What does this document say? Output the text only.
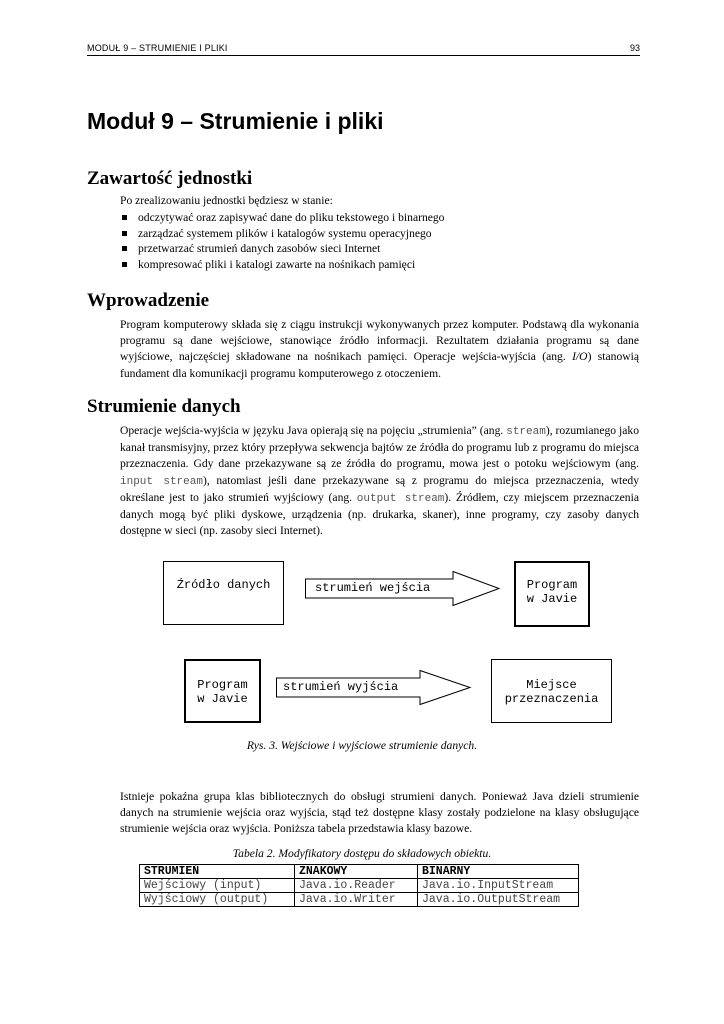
MODUŁ 9 – STRUMIENIE I PLIKI	93
Moduł 9 – Strumienie i pliki
Zawartość jednostki

Po zrealizowaniu jednostki będziesz w stanie:

odczytywać oraz zapisywać dane do pliku tekstowego i binarnego
zarządzać systemem plików i katalogów systemu operacyjnego
przetwarzać strumień danych zasobów sieci Internet
kompresować pliki i katalogi zawarte na nośnikach pamięci
Wprowadzenie

Program komputerowy składa się z ciągu instrukcji wykonywanych przez komputer. Podstawą dla wykonania programu są dane wejściowe, stanowiące źródło informacji. Rezultatem działania programu są dane wyjściowe, najczęściej składowane na nośnikach pamięci. Operacje wejścia-wyjścia (ang. I/O) stanowią fundament dla komunikacji programu komputerowego z otoczeniem.

Strumienie danych

Operacje wejścia-wyjścia w języku Java opierają się na pojęciu „strumienia” (ang. stream), rozumianego jako kanał transmisyjny, przez który przepływa sekwencja bajtów ze źródła do programu lub z programu do miejsca przeznaczenia. Gdy dane przekazywane są ze źródła do programu, mowa jest o potoku wejściowym (ang. input stream), natomiast jeśli dane przekazywane są z programu do miejsca przeznaczenia, wtedy określane jest to jako strumień wyjściowy (ang. output stream). Źródłem, czy miejscem przeznaczenia danych mogą być pliki dyskowe, urządzenia (np. drukarka, skaner), inne programy, czy zasoby danych dostępne w sieci (np. zasoby sieci Internet).

Źródło danych	strumień wejścia	Program
w Javie
Program
w Javie
strumień wyjścia	Miejsce
przeznaczenia
Rys. 3. Wejściowe i wyjściowe strumienie danych.

Istnieje pokaźna grupa klas bibliotecznych do obsługi strumieni danych. Ponieważ Java dzieli strumienie danych na strumienie wejścia oraz wyjścia, stąd też dostępne klasy zostały podzielone na klasy obsługujące strumienie wejścia oraz wyjścia. Poniższa tabela przedstawia klasy bazowe.

Tabela 2. Modyfikatory dostępu do składowych obiektu.
STRUMIEŃ	ZNAKOWY	BINARNY
Wejściowy (input)	Java.io.Reader	Java.io.InputStream
Wyjściowy (output)	Java.io.Writer	Java.io.OutputStream
